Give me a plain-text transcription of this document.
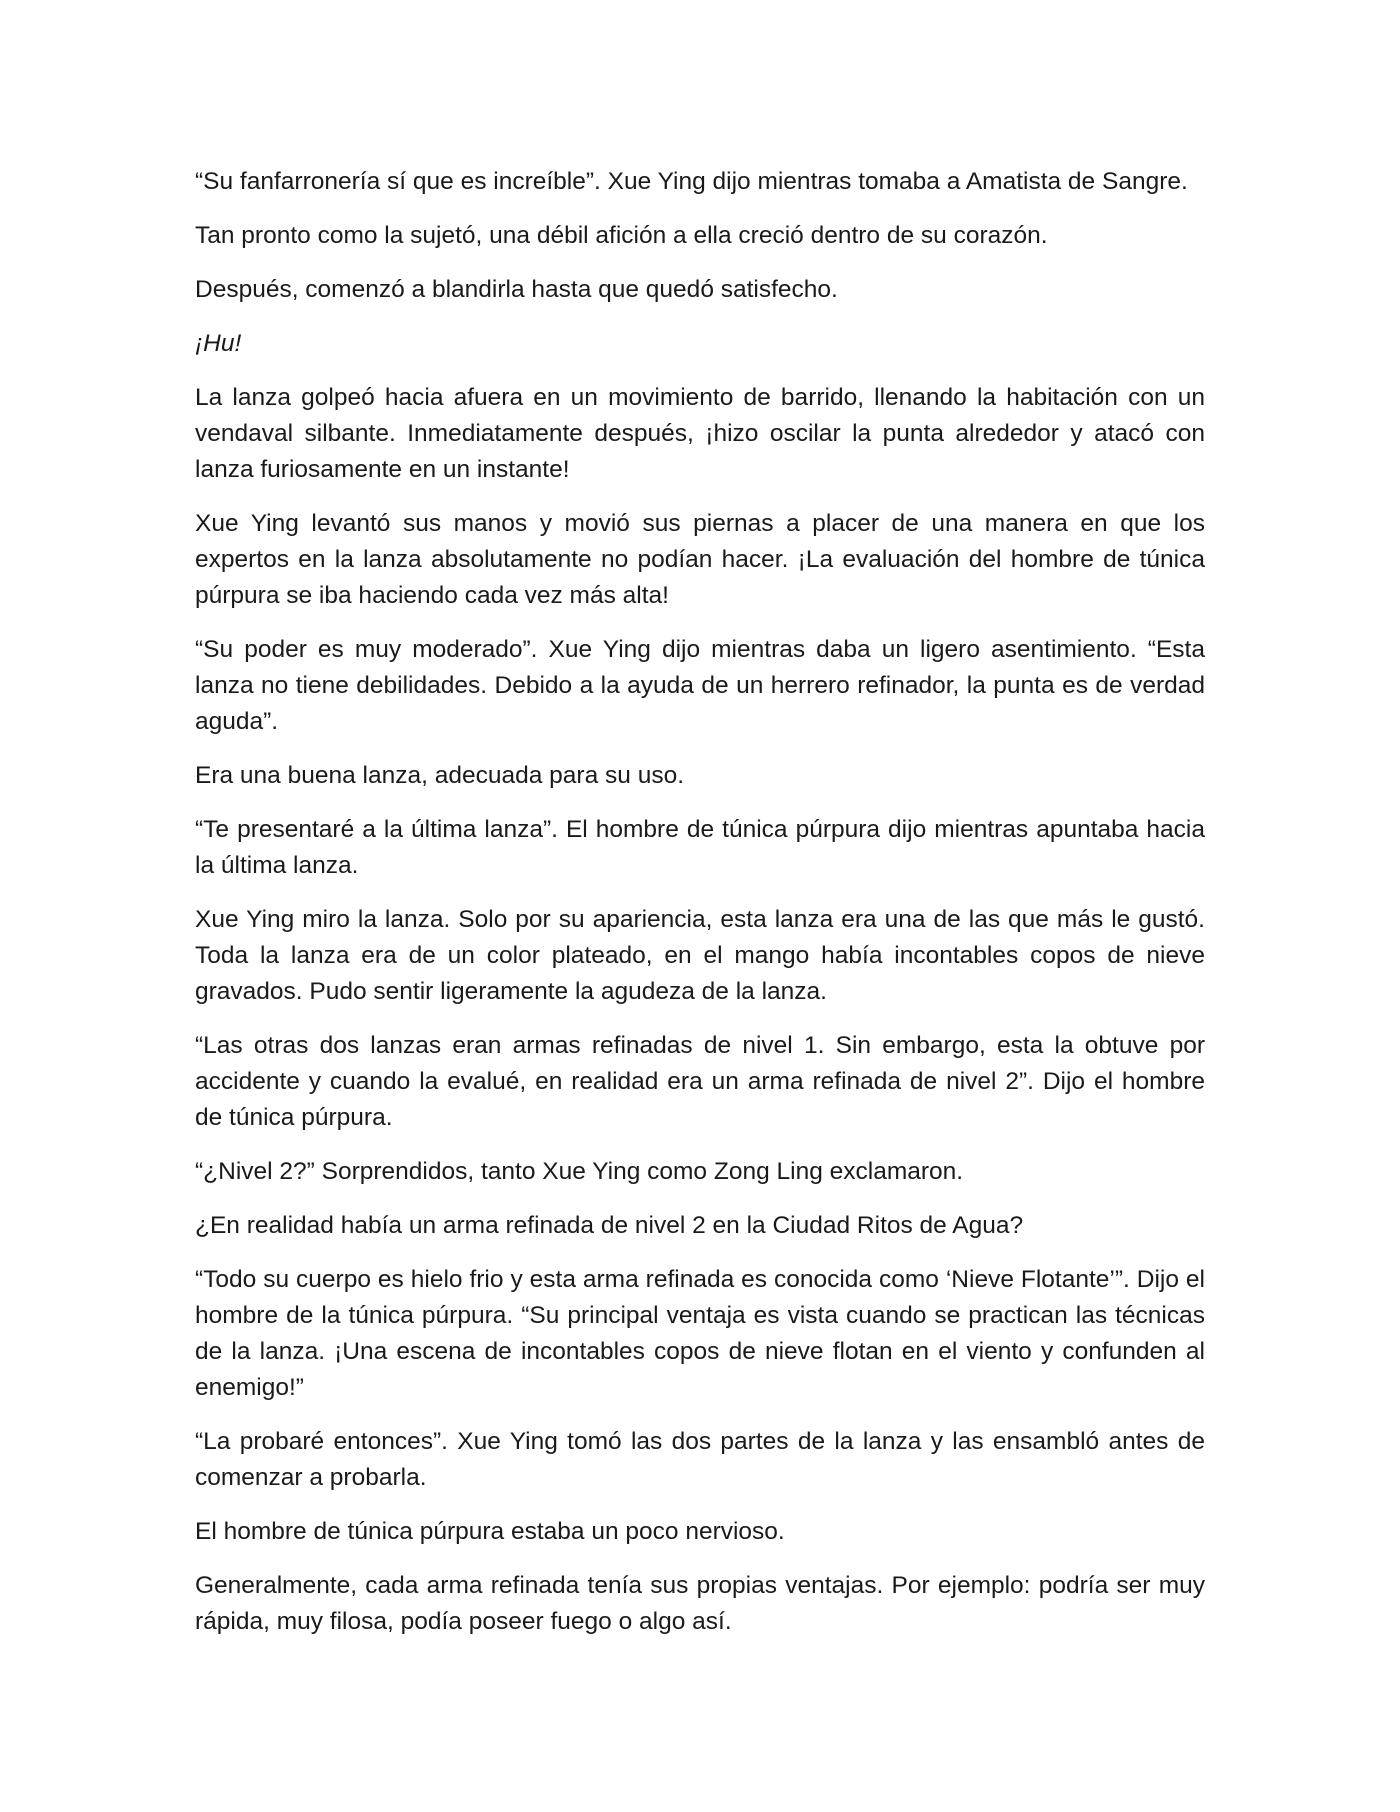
“Su fanfarronería sí que es increíble”. Xue Ying dijo mientras tomaba a Amatista de Sangre.

Tan pronto como la sujetó, una débil afición a ella creció dentro de su corazón.

Después, comenzó a blandirla hasta que quedó satisfecho.

¡Hu!

La lanza golpeó hacia afuera en un movimiento de barrido, llenando la habitación con un vendaval silbante. Inmediatamente después, ¡hizo oscilar la punta alrededor y atacó con lanza furiosamente en un instante!

Xue Ying levantó sus manos y movió sus piernas a placer de una manera en que los expertos en la lanza absolutamente no podían hacer. ¡La evaluación del hombre de túnica púrpura se iba haciendo cada vez más alta!

“Su poder es muy moderado”. Xue Ying dijo mientras daba un ligero asentimiento. “Esta lanza no tiene debilidades. Debido a la ayuda de un herrero refinador, la punta es de verdad aguda”.

Era una buena lanza, adecuada para su uso.

“Te presentaré a la última lanza”. El hombre de túnica púrpura dijo mientras apuntaba hacia la última lanza.

Xue Ying miro la lanza. Solo por su apariencia, esta lanza era una de las que más le gustó. Toda la lanza era de un color plateado, en el mango había incontables copos de nieve gravados. Pudo sentir ligeramente la agudeza de la lanza.

“Las otras dos lanzas eran armas refinadas de nivel 1. Sin embargo, esta la obtuve por accidente y cuando la evalué, en realidad era un arma refinada de nivel 2”. Dijo el hombre de túnica púrpura.

“¿Nivel 2?” Sorprendidos, tanto Xue Ying como Zong Ling exclamaron.

¿En realidad había un arma refinada de nivel 2 en la Ciudad Ritos de Agua?

“Todo su cuerpo es hielo frio y esta arma refinada es conocida como ‘Nieve Flotante’”. Dijo el hombre de la túnica púrpura. “Su principal ventaja es vista cuando se practican las técnicas de la lanza. ¡Una escena de incontables copos de nieve flotan en el viento y confunden al enemigo!”

“La probaré entonces”. Xue Ying tomó las dos partes de la lanza y las ensambló antes de comenzar a probarla.

El hombre de túnica púrpura estaba un poco nervioso.

Generalmente, cada arma refinada tenía sus propias ventajas. Por ejemplo: podría ser muy rápida, muy filosa, podía poseer fuego o algo así.
